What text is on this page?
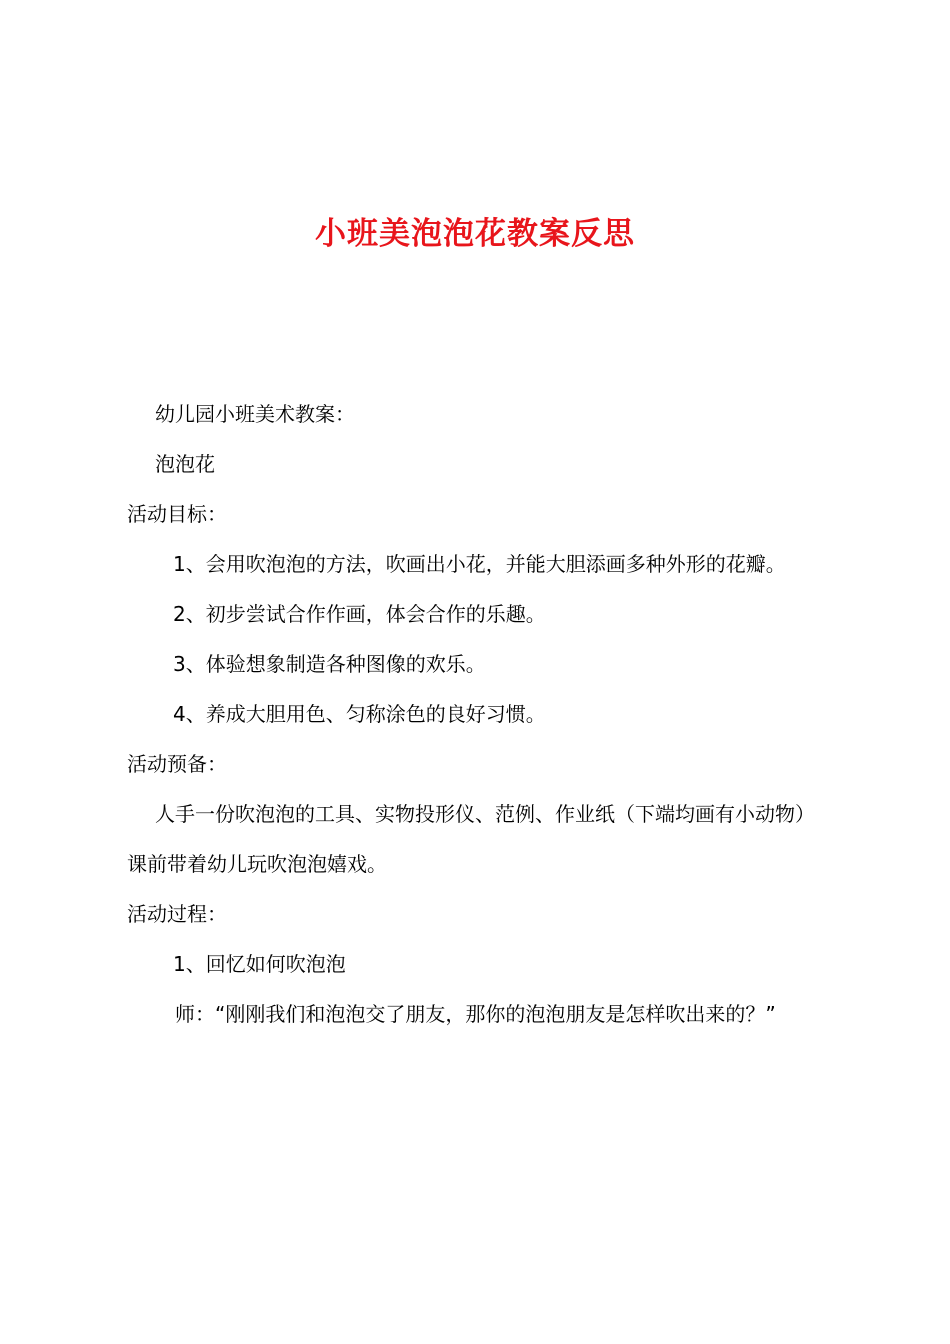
小班美泡泡花教案反思

幼儿园小班美术教案：

泡泡花

活动目标：

1、会用吹泡泡的方法，吹画出小花，并能大胆添画多种外形的花瓣。

2、初步尝试合作作画，体会合作的乐趣。

3、体验想象制造各种图像的欢乐。

4、养成大胆用色、匀称涂色的良好习惯。

活动预备：

人手一份吹泡泡的工具、实物投形仪、范例、作业纸（下端均画有小动物）课前带着幼儿玩吹泡泡嬉戏。

活动过程：

1、回忆如何吹泡泡

师：“刚刚我们和泡泡交了朋友，那你的泡泡朋友是怎样吹出来的？”
